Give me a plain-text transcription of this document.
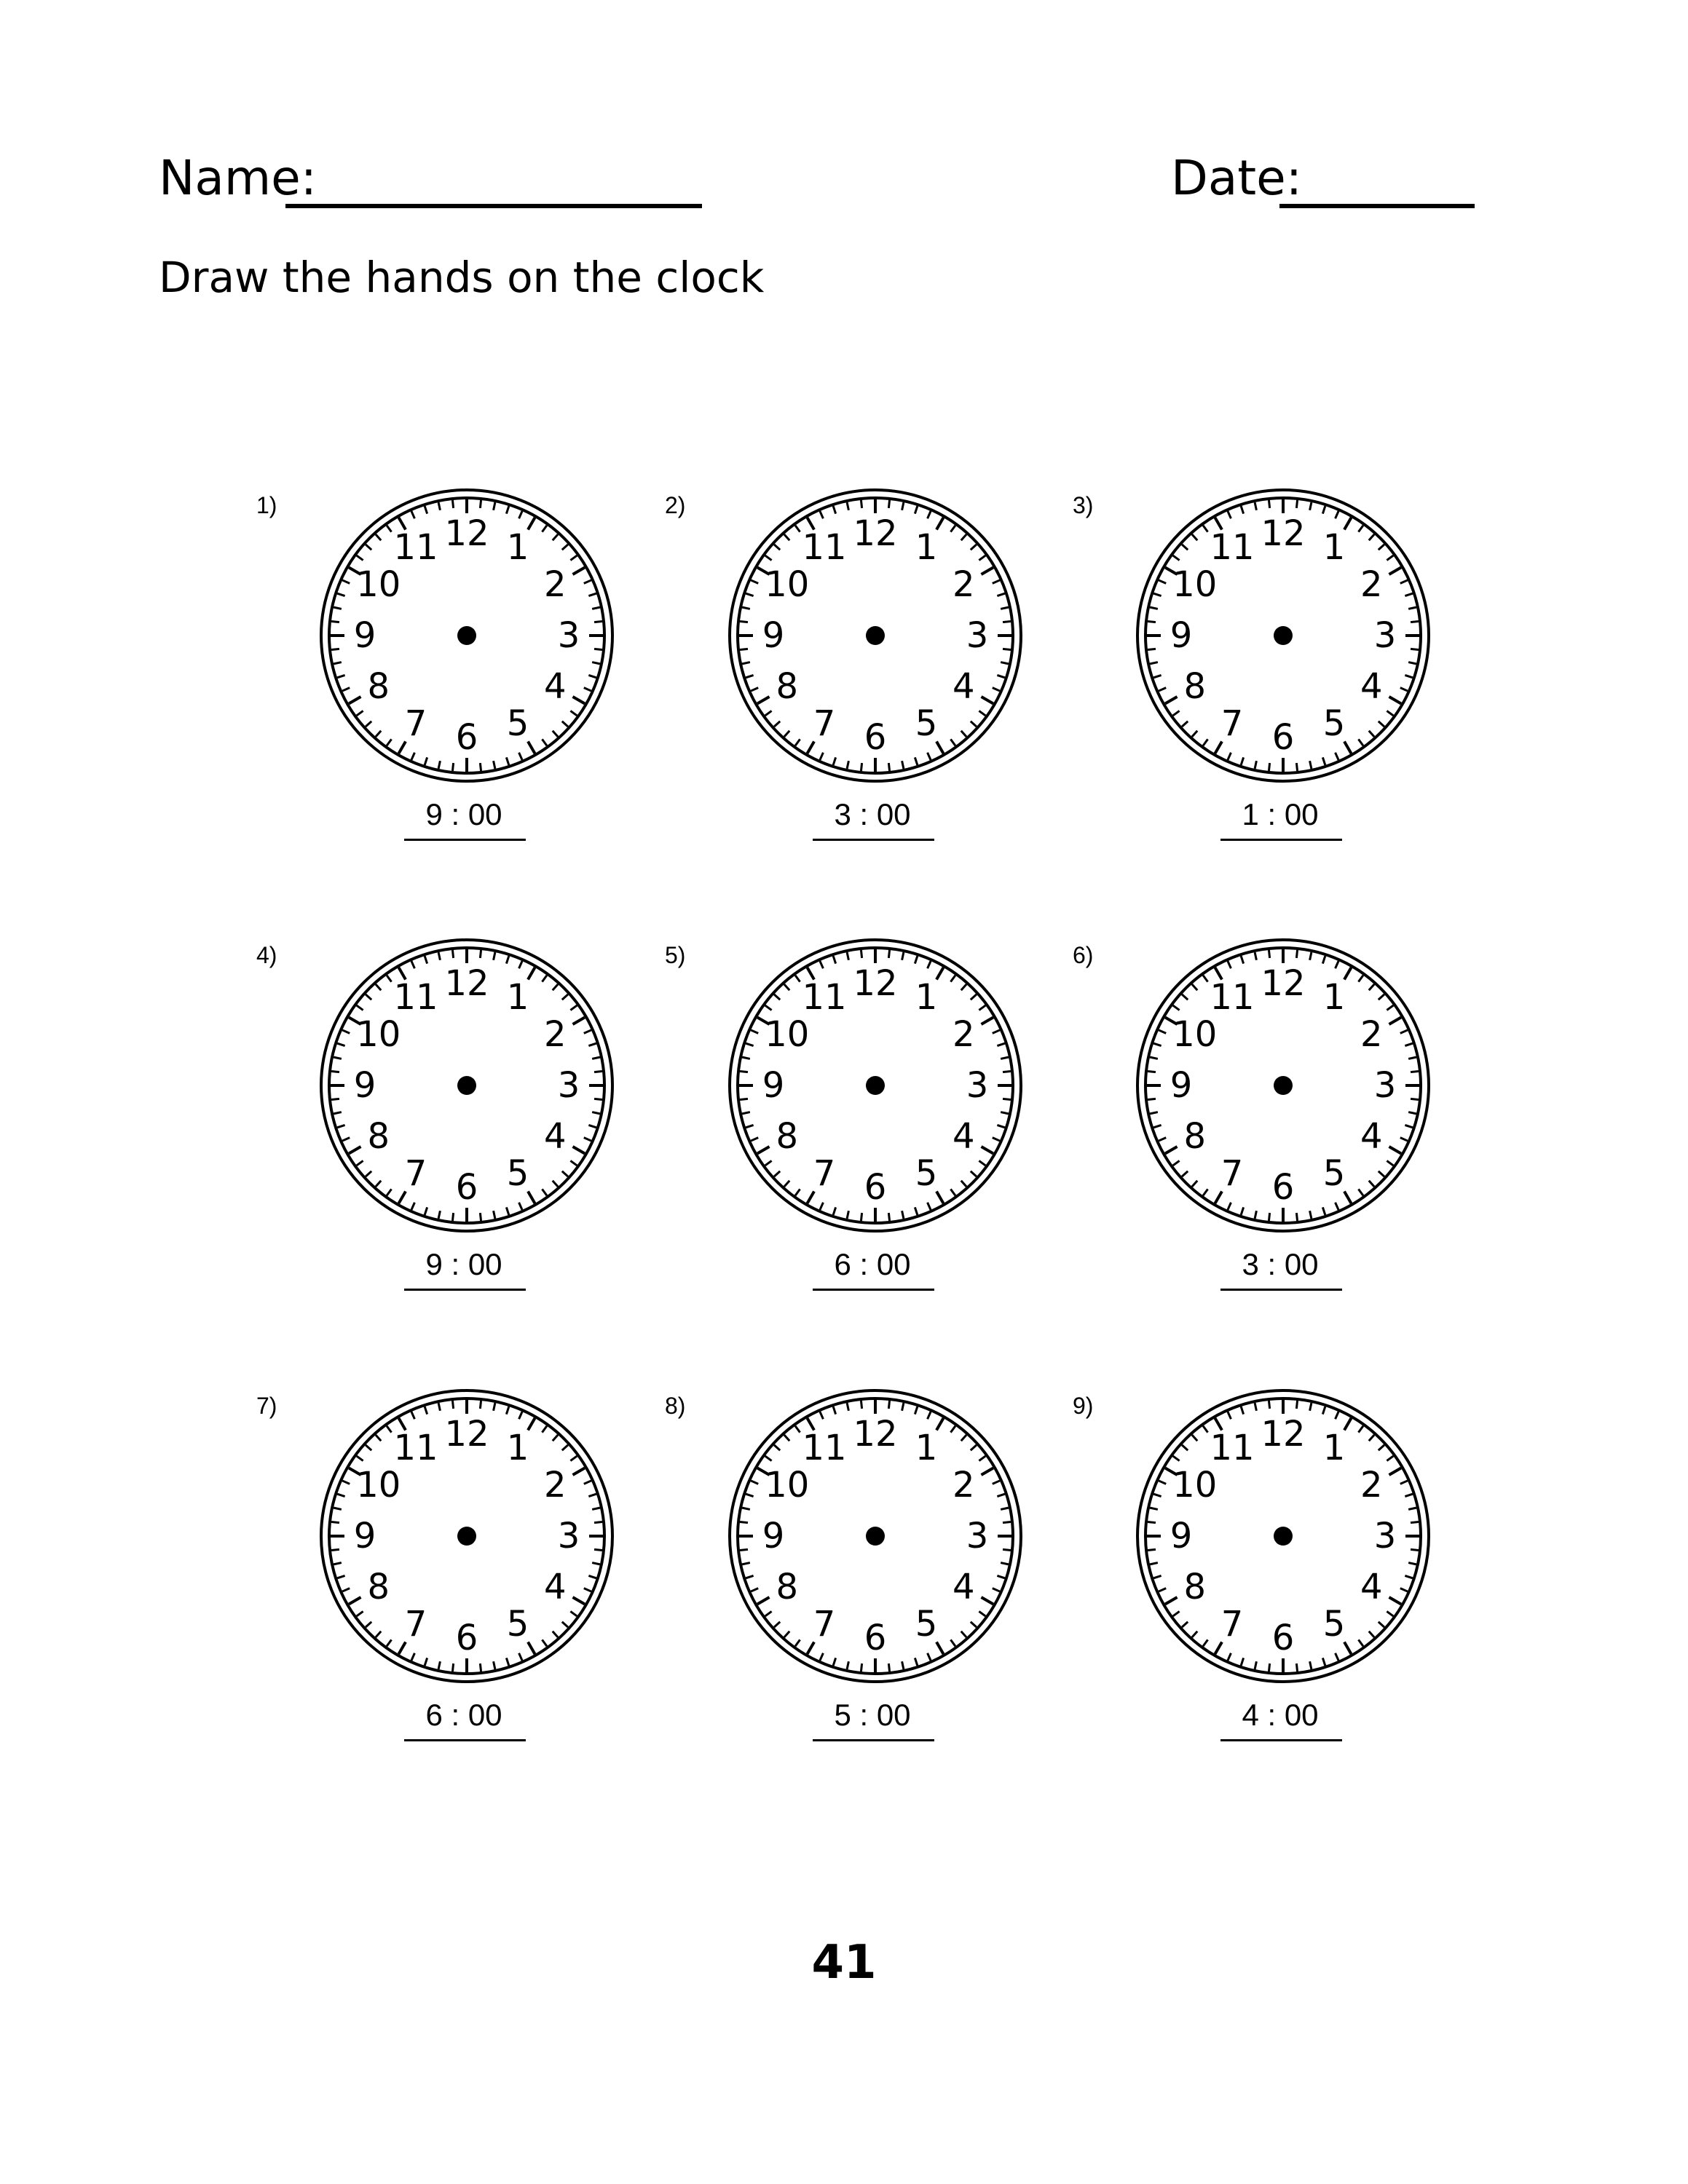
Name:	Date:
Draw the hands on the clock
1)
12 1
2
3
4
5
6
7
8
9
10
11
9 : 00
2)
12 1
2
3
4
5
6
7
8
9
10
11
3 : 00
3)
12 1
2
3
4
5
6
7
8
9
10
11
1 : 00
4)
12 1
2
3
4
5
6
7
8
9
10
11
9 : 00
5)
12 1
2
3
4
5
6
7
8
9
10
11
6 : 00
6)
12 1
2
3
4
5
6
7
8
9
10
11
3 : 00
7)
12 1
2
3
4
5
6
7
8
9
10
11
6 : 00
8)
12 1
2
3
4
5
6
7
8
9
10
11
5 : 00
9)
12 1
2
3
4
5
6
7
8
9
10
11
4 : 00
41
